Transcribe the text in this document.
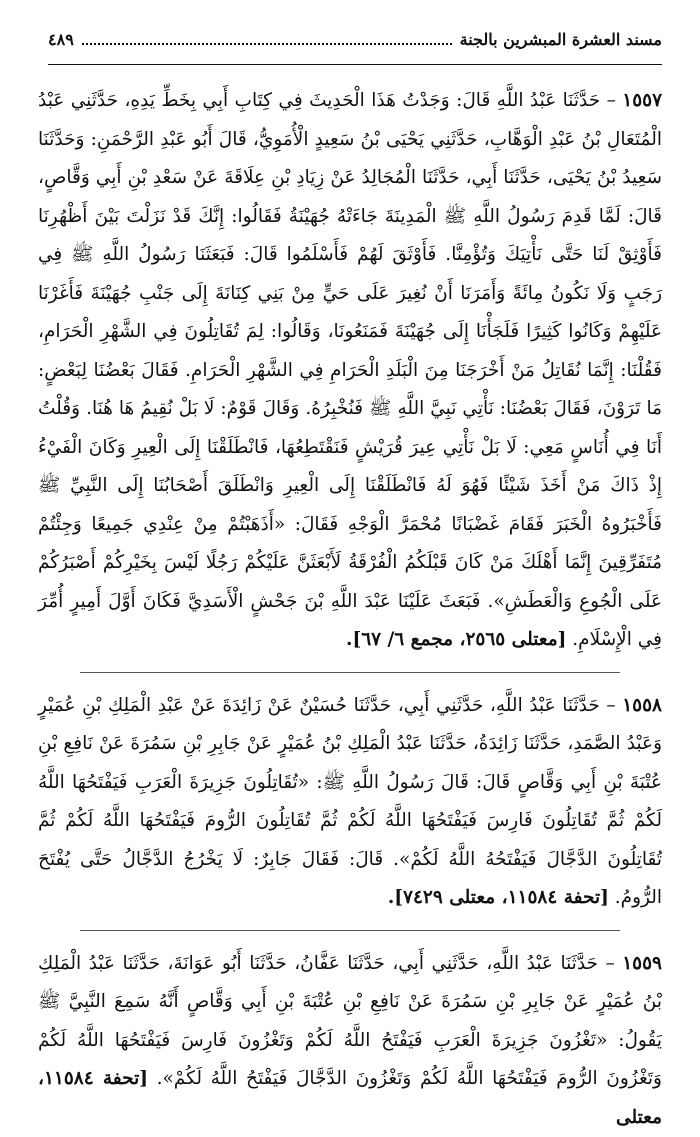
مسند العشرة المبشرين بالجنة
٤٨٩

١٥٥٧ – حَدَّثَنَا عَبْدُ اللَّهِ قَالَ: وَجَدْتُ هَذَا الْحَدِيثَ فِي كِتَابِ أَبِي بِخَطِّ يَدِهِ، حَدَّثَنِي عَبْدُ الْمُتَعَالِ بْنُ عَبْدِ الْوَهَّابِ، حَدَّثَنِي يَحْيَى بْنُ سَعِيدٍ الْأُمَوِيُّ، قَالَ أَبُو عَبْدِ الرَّحْمَنِ: وَحَدَّثَنَا سَعِيدُ بْنُ يَحْيَى، حَدَّثَنَا أَبِي، حَدَّثَنَا الْمُجَالِدُ عَنْ زِيَادِ بْنِ عِلَاقَةَ عَنْ سَعْدِ بْنِ أَبِي وَقَّاصٍ، قَالَ: لَمَّا قَدِمَ رَسُولُ اللَّهِ ﷺ الْمَدِينَةَ جَاءَتْهُ جُهَيْنَةُ فَقَالُوا: إِنَّكَ قَدْ نَزَلْتَ بَيْنَ أَظْهُرِنَا فَأَوْثِقْ لَنَا حَتَّى نَأْتِيَكَ وَتُؤْمِنَّا. فَأَوْثَقَ لَهُمْ فَأَسْلَمُوا قَالَ: فَبَعَثَنَا رَسُولُ اللَّهِ ﷺ فِي رَجَبٍ وَلَا نَكُونُ مِائَةً وَأَمَرَنَا أَنْ نُغِيرَ عَلَى حَيٍّ مِنْ بَنِي كِنَانَةَ إِلَى جَنْبِ جُهَيْنَةَ فَأَغَرْنَا عَلَيْهِمْ وَكَانُوا كَثِيرًا فَلَجَأْنَا إِلَى جُهَيْنَةَ فَمَنَعُونَا، وَقَالُوا: لِمَ تُقَاتِلُونَ فِي الشَّهْرِ الْحَرَامِ، فَقُلْنَا: إِنَّمَا نُقَاتِلُ مَنْ أَخْرَجَنَا مِنَ الْبَلَدِ الْحَرَامِ فِي الشَّهْرِ الْحَرَامِ. فَقَالَ بَعْضُنَا لِبَعْضٍ: مَا تَرَوْنَ، فَقَالَ بَعْضُنَا: نَأْتِي نَبِيَّ اللَّهِ ﷺ فَنُخْبِرُهُ. وَقَالَ قَوْمٌ: لَا بَلْ نُقِيمُ هَا هُنَا. وَقُلْتُ أَنَا فِي أُنَاسٍ مَعِي: لَا بَلْ نَأْتِي عِيرَ قُرَيْشٍ فَنَقْتَطِعُهَا، فَانْطَلَقْنَا إِلَى الْعِيرِ وَكَانَ الْفَيْءُ إِذْ ذَاكَ مَنْ أَخَذَ شَيْئًا فَهُوَ لَهُ فَانْطَلَقْنَا إِلَى الْعِيرِ وَانْطَلَقَ أَصْحَابُنَا إِلَى النَّبِيِّ ﷺ فَأَخْبَرُوهُ الْخَبَرَ فَقَامَ غَضْبَانًا مُحْمَرَّ الْوَجْهِ فَقَالَ: «أَذَهَبْتُمْ مِنْ عِنْدِي جَمِيعًا وَجِئْتُمْ مُتَفَرِّقِينَ إِنَّمَا أَهْلَكَ مَنْ كَانَ قَبْلَكُمُ الْفُرْقَةُ لَأَبْعَثَنَّ عَلَيْكُمْ رَجُلًا لَيْسَ بِخَيْرِكُمْ أَصْبَرُكُمْ عَلَى الْجُوعِ وَالْعَطَشِ». فَبَعَثَ عَلَيْنَا عَبْدَ اللَّهِ بْنَ جَحْشٍ الْأَسَدِيَّ فَكَانَ أَوَّلَ أَمِيرٍ أُمِّرَ فِي الْإِسْلَامِ. [معتلی ٢٥٦٥، مجمع ٦/ ٦٧].

١٥٥٨ – حَدَّثَنَا عَبْدُ اللَّهِ، حَدَّثَنِي أَبِي، حَدَّثَنَا حُسَيْنٌ عَنْ زَائِدَةَ عَنْ عَبْدِ الْمَلِكِ بْنِ عُمَيْرٍ وَعَبْدُ الصَّمَدِ، حَدَّثَنَا زَائِدَةُ، حَدَّثَنَا عَبْدُ الْمَلِكِ بْنُ عُمَيْرٍ عَنْ جَابِرِ بْنِ سَمُرَةَ عَنْ نَافِعِ بْنِ عُتْبَةَ بْنِ أَبِي وَقَّاصٍ قَالَ: قَالَ رَسُولُ اللَّهِ ﷺ: «تُقَاتِلُونَ جَزِيرَةَ الْعَرَبِ فَيَفْتَحُهَا اللَّهُ لَكُمْ ثُمَّ تُقَاتِلُونَ فَارِسَ فَيَفْتَحُهَا اللَّهُ لَكُمْ ثُمَّ تُقَاتِلُونَ الرُّومَ فَيَفْتَحُهَا اللَّهُ لَكُمْ ثُمَّ تُقَاتِلُونَ الدَّجَّالَ فَيَفْتَحُهُ اللَّهُ لَكُمْ». قَالَ: فَقَالَ جَابِرٌ: لَا يَخْرُجُ الدَّجَّالُ حَتَّى يُفْتَحَ الرُّومُ. [تحفة ١١٥٨٤، معتلی ٧٤٢٩].

١٥٥٩ – حَدَّثَنَا عَبْدُ اللَّهِ، حَدَّثَنِي أَبِي، حَدَّثَنَا عَفَّانُ، حَدَّثَنَا أَبُو عَوَانَةَ، حَدَّثَنَا عَبْدُ الْمَلِكِ بْنُ عُمَيْرٍ عَنْ جَابِرِ بْنِ سَمُرَةَ عَنْ نَافِعِ بْنِ عُتْبَةَ بْنِ أَبِي وَقَّاصٍ أَنَّهُ سَمِعَ النَّبِيَّ ﷺ يَقُولُ: «تَغْزُونَ جَزِيرَةَ الْعَرَبِ فَيَفْتَحُ اللَّهُ لَكُمْ وَتَغْزُونَ فَارِسَ فَيَفْتَحُهَا اللَّهُ لَكُمْ وَتَغْزُونَ الرُّومَ فَيَفْتَحُهَا اللَّهُ لَكُمْ وَتَغْزُونَ الدَّجَّالَ فَيَفْتَحُ اللَّهُ لَكُمْ». [تحفة ١١٥٨٤، معتلی
